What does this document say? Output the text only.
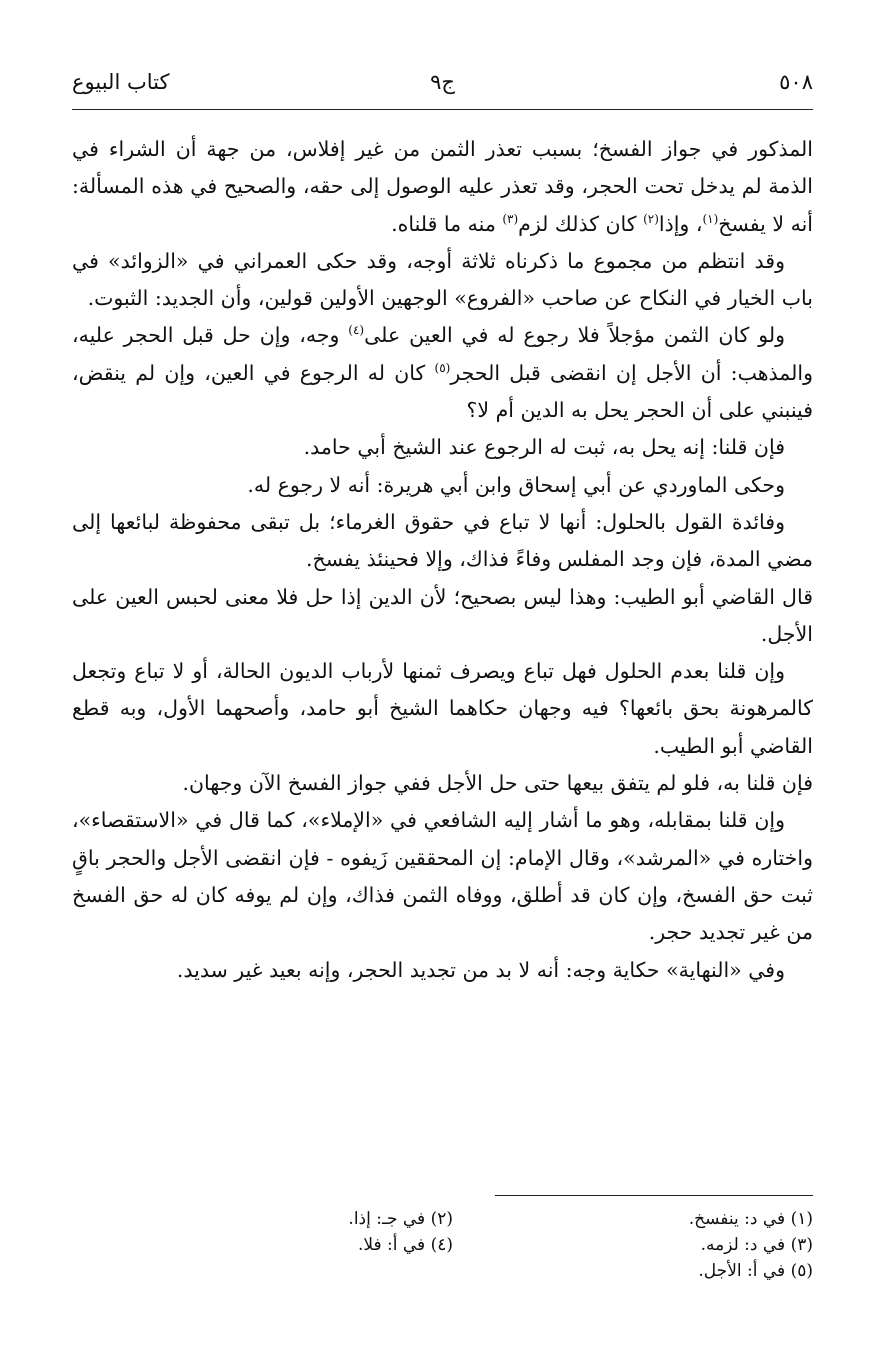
٥٠٨
ج٩
كتاب البيوع

المذكور في جواز الفسخ؛ بسبب تعذر الثمن من غير إفلاس، من جهة أن الشراء في الذمة لم يدخل تحت الحجر، وقد تعذر عليه الوصول إلى حقه، والصحيح في هذه المسألة: أنه لا يفسخ$^{(١)}$، وإذا$^{(٢)}$ كان كذلك لزم$^{(٣)}$ منه ما قلناه.

وقد انتظم من مجموع ما ذكرناه ثلاثة أوجه، وقد حكى العمراني في «الزوائد» في باب الخيار في النكاح عن صاحب «الفروع» الوجهين الأولين قولين، وأن الجديد: الثبوت.

ولو كان الثمن مؤجلاً فلا رجوع له في العين على$^{(٤)}$ وجه، وإن حل قبل الحجر عليه، والمذهب: أن الأجل إن انقضى قبل الحجر$^{(٥)}$ كان له الرجوع في العين، وإن لم ينقض، فينبني على أن الحجر يحل به الدين أم لا؟

فإن قلنا: إنه يحل به، ثبت له الرجوع عند الشيخ أبي حامد.

وحكى الماوردي عن أبي إسحاق وابن أبي هريرة: أنه لا رجوع له.

وفائدة القول بالحلول: أنها لا تباع في حقوق الغرماء؛ بل تبقى محفوظة لبائعها إلى مضي المدة، فإن وجد المفلس وفاءً فذاك، وإلا فحينئذ يفسخ.

قال القاضي أبو الطيب: وهذا ليس بصحيح؛ لأن الدين إذا حل فلا معنى لحبس العين على الأجل.

وإن قلنا بعدم الحلول فهل تباع ويصرف ثمنها لأرباب الديون الحالة، أو لا تباع وتجعل كالمرهونة بحق بائعها؟ فيه وجهان حكاهما الشيخ أبو حامد، وأصحهما الأول، وبه قطع القاضي أبو الطيب.

فإن قلنا به، فلو لم يتفق بيعها حتى حل الأجل ففي جواز الفسخ الآن وجهان.

وإن قلنا بمقابله، وهو ما أشار إليه الشافعي في «الإملاء»، كما قال في «الاستقصاء»، واختاره في «المرشد»، وقال الإمام: إن المحققين زَيفوه - فإن انقضى الأجل والحجر باقٍ ثبت حق الفسخ، وإن كان قد أطلق، ووفاه الثمن فذاك، وإن لم يوفه كان له حق الفسخ من غير تجديد حجر.

وفي «النهاية» حكاية وجه: أنه لا بد من تجديد الحجر، وإنه بعيد غير سديد.

(١) في د: ينفسخ.
(٢) في جـ: إذا.
(٣) في د: لزمه.
(٤) في أ: فلا.
(٥) في أ: الأجل.
